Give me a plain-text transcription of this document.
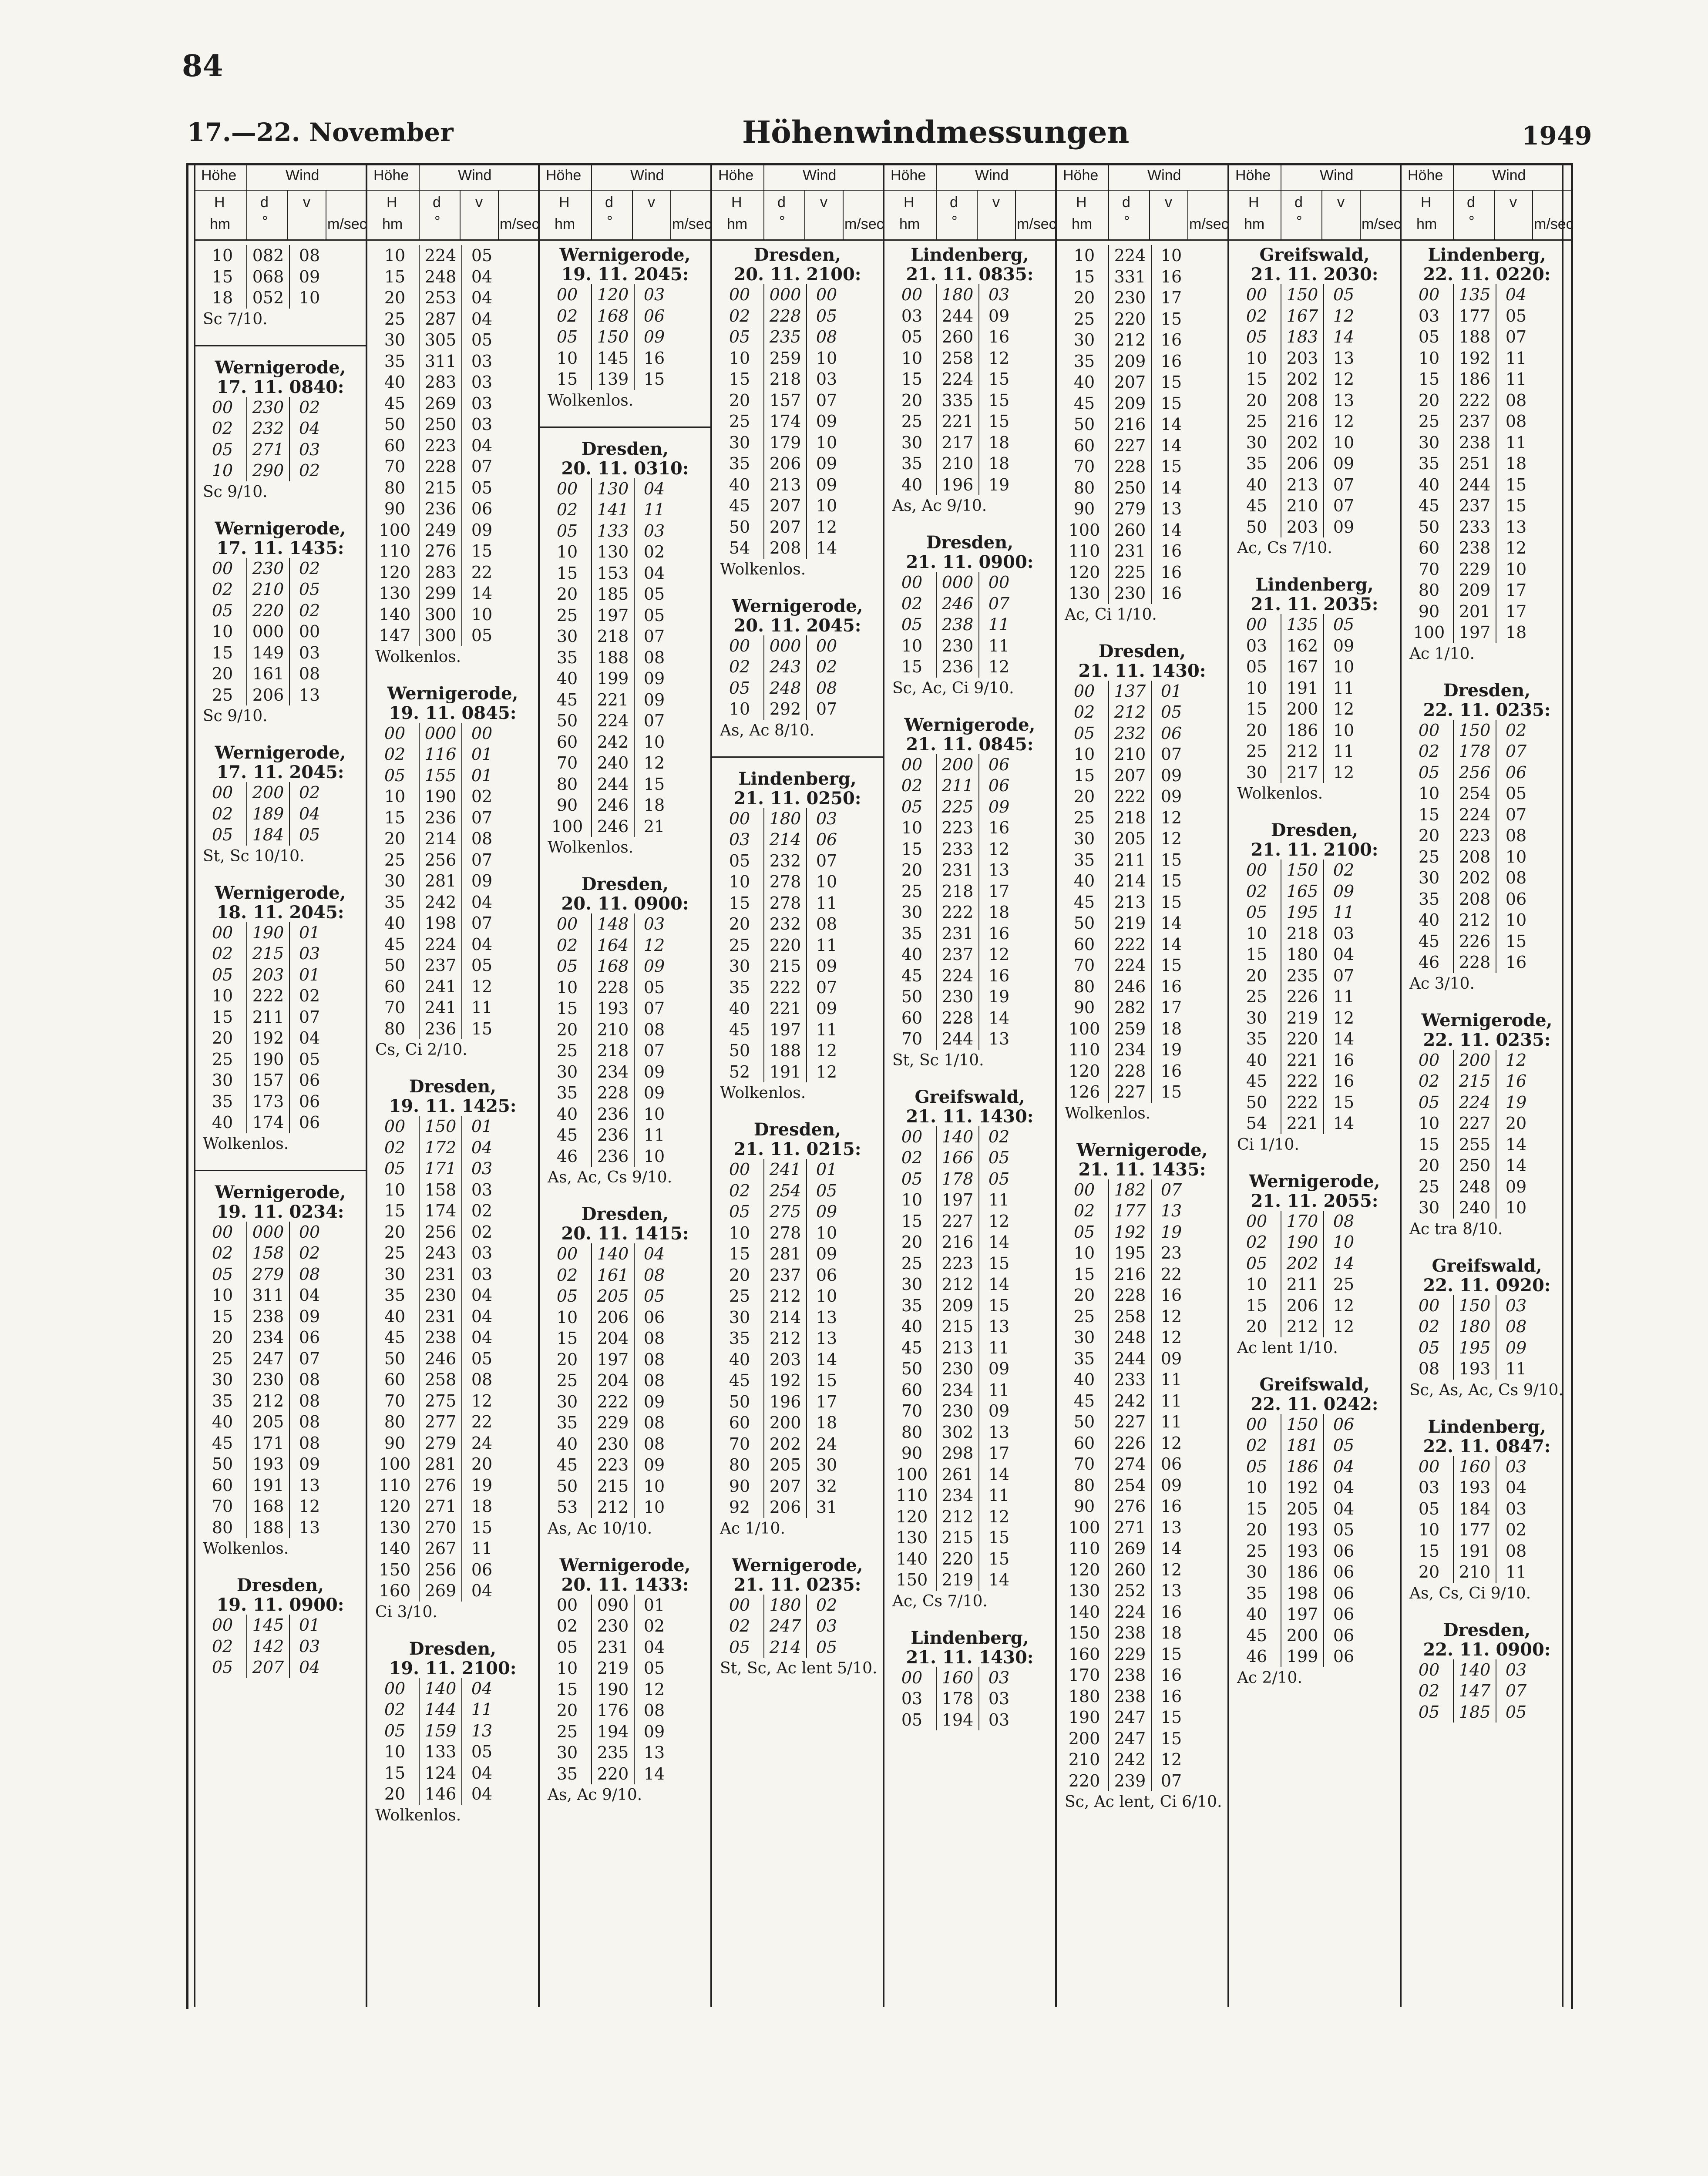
84
17.—22. November	Höhenwindmessungen	1949
Höhe	Wind
H d v
hm °	m/sec
10	082 08
15	068 09
18	052 10
Sc 7/10.
Wernigerode,
17. 11. 0840:
00	230 02
02	232 04
05	271 03
10	290 02
Sc 9/10.
Wernigerode,
17. 11. 1435:
00	230 02
02	210 05
05	220 02
10	000 00
15	149 03
20	161 08
25	206 13
Sc 9/10.
Wernigerode,
17. 11. 2045:
00	200 02
02	189 04
05	184 05
St, Sc 10/10.
Wernigerode,
18. 11. 2045:
00	190 01
02	215 03
05	203 01
10	222 02
15	211 07
20	192 04
25	190 05
30	157 06
35	173 06
40	174 06
Wolkenlos.
Wernigerode,
19. 11. 0234:
00	000 00
02	158 02
05	279 08
10	311 04
15	238 09
20	234 06
25	247 07
30	230 08
35	212 08
40	205 08
45	171 08
50	193 09
60	191 13
70	168 12
80	188 13
Wolkenlos.
Dresden,
19. 11. 0900:
00	145 01
02	142 03
05	207 04
Höhe	Wind
H d v
hm °	m/sec
10	224 05
15	248 04
20	253 04
25	287 04
30	305 05
35	311 03
40	283 03
45	269 03
50	250 03
60	223 04
70	228 07
80	215 05
90	236 06
100 249 09
110 276 15
120 283 22
130 299 14
140 300 10
147 300 05
Wolkenlos.
Wernigerode,
19. 11. 0845:
00	000 00
02	116 01
05	155 01
10	190 02
15	236 07
20	214 08
25	256 07
30	281 09
35	242 04
40	198 07
45	224 04
50	237 05
60	241 12
70	241 11
80	236 15
Cs, Ci 2/10.
Dresden,
19. 11. 1425:
00	150 01
02	172 04
05	171 03
10	158 03
15	174 02
20	256 02
25	243 03
30	231 03
35	230 04
40	231 04
45	238 04
50	246 05
60	258 08
70	275 12
80	277 22
90	279 24
100 281 20
110 276 19
120 271 18
130 270 15
140 267 11
150 256 06
160 269 04
Ci 3/10.
Dresden,
19. 11. 2100:
00	140 04
02	144 11
05	159 13
10	133 05
15	124 04
20	146 04
Wolkenlos.
Höhe	Wind
H d v
hm °	m/sec
Wernigerode,
19. 11. 2045:
00	120 03
02	168 06
05	150 09
10	145 16
15	139 15
Wolkenlos.
Dresden,
20. 11. 0310:
00	130 04
02	141 11
05	133 03
10	130 02
15	153 04
20	185 05
25	197 05
30	218 07
35	188 08
40	199 09
45	221 09
50	224 07
60	242 10
70	240 12
80	244 15
90	246 18
100 246 21
Wolkenlos.
Dresden,
20. 11. 0900:
00	148 03
02	164 12
05	168 09
10	228 05
15	193 07
20	210 08
25	218 07
30	234 09
35	228 09
40	236 10
45	236 11
46	236 10
As, Ac, Cs 9/10.
Dresden,
20. 11. 1415:
00	140 04
02	161 08
05	205 05
10	206 06
15	204 08
20	197 08
25	204 08
30	222 09
35	229 08
40	230 08
45	223 09
50	215 10
53	212 10
As, Ac 10/10.
Wernigerode,
20. 11. 1433:
00	090 01
02	230 02
05	231 04
10	219 05
15	190 12
20	176 08
25	194 09
30	235 13
35	220 14
As, Ac 9/10.
Höhe	Wind
H d v
hm °	m/sec
Dresden,
20. 11. 2100:
00	000 00
02	228 05
05	235 08
10	259 10
15	218 03
20	157 07
25	174 09
30	179 10
35	206 09
40	213 09
45	207 10
50	207 12
54	208 14
Wolkenlos.
Wernigerode,
20. 11. 2045:
00	000 00
02	243 02
05	248 08
10	292 07
As, Ac 8/10.
Lindenberg,
21. 11. 0250:
00	180 03
03	214 06
05	232 07
10	278 10
15	278 11
20	232 08
25	220 11
30	215 09
35	222 07
40	221 09
45	197 11
50	188 12
52	191 12
Wolkenlos.
Dresden,
21. 11. 0215:
00	241 01
02	254 05
05	275 09
10	278 10
15	281 09
20	237 06
25	212 10
30	214 13
35	212 13
40	203 14
45	192 15
50	196 17
60	200 18
70	202 24
80	205 30
90	207 32
92	206 31
Ac 1/10.
Wernigerode,
21. 11. 0235:
00	180 02
02	247 03
05	214 05
St, Sc, Ac lent 5/10.
Höhe	Wind
H d v
hm °	m/sec
Lindenberg,
21. 11. 0835:
00	180 03
03	244 09
05	260 16
10	258 12
15	224 15
20	335 15
25	221 15
30	217 18
35	210 18
40	196 19
As, Ac 9/10.
Dresden,
21. 11. 0900:
00	000 00
02	246 07
05	238 11
10	230 11
15	236 12
Sc, Ac, Ci 9/10.
Wernigerode,
21. 11. 0845:
00	200 06
02	211 06
05	225 09
10	223 16
15	233 12
20	231 13
25	218 17
30	222 18
35	231 16
40	237 12
45	224 16
50	230 19
60	228 14
70	244 13
St, Sc 1/10.
Greifswald,
21. 11. 1430:
00	140 02
02	166 05
05	178 05
10	197 11
15	227 12
20	216 14
25	223 15
30	212 14
35	209 15
40	215 13
45	213 11
50	230 09
60	234 11
70	230 09
80	302 13
90	298 17
100 261 14
110 234 11
120 212 12
130 215 15
140 220 15
150 219 14
Ac, Cs 7/10.
Lindenberg,
21. 11. 1430:
00	160 03
03	178 03
05	194 03
Höhe	Wind
H d v
hm °	m/sec
10	224 10
15	331 16
20	230 17
25	220 15
30	212 16
35	209 16
40	207 15
45	209 15
50	216 14
60	227 14
70	228 15
80	250 14
90	279 13
100 260 14
110 231 16
120 225 16
130 230 16
Ac, Ci 1/10.
Dresden,
21. 11. 1430:
00	137 01
02	212 05
05	232 06
10	210 07
15	207 09
20	222 09
25	218 12
30	205 12
35	211 15
40	214 15
45	213 15
50	219 14
60	222 14
70	224 15
80	246 16
90	282 17
100 259 18
110 234 19
120 228 16
126 227 15
Wolkenlos.
Wernigerode,
21. 11. 1435:
00	182 07
02	177 13
05	192 19
10	195 23
15	216 22
20	228 16
25	258 12
30	248 12
35	244 09
40	233 11
45	242 11
50	227 11
60	226 12
70	274 06
80	254 09
90	276 16
100 271 13
110 269 14
120 260 12
130 252 13
140 224 16
150 238 18
160 229 15
170 238 16
180 238 16
190 247 15
200 247 15
210 242 12
220 239 07
Sc, Ac lent, Ci 6/10.
Höhe	Wind
H d v
hm °	m/sec
Greifswald,
21. 11. 2030:
00	150 05
02	167 12
05	183 14
10	203 13
15	202 12
20	208 13
25	216 12
30	202 10
35	206 09
40	213 07
45	210 07
50	203 09
Ac, Cs 7/10.
Lindenberg,
21. 11. 2035:
00	135 05
03	162 09
05	167 10
10	191 11
15	200 12
20	186 10
25	212 11
30	217 12
Wolkenlos.
Dresden,
21. 11. 2100:
00	150 02
02	165 09
05	195 11
10	218 03
15	180 04
20	235 07
25	226 11
30	219 12
35	220 14
40	221 16
45	222 16
50	222 15
54	221 14
Ci 1/10.
Wernigerode,
21. 11. 2055:
00	170 08
02	190 10
05	202 14
10	211 25
15	206 12
20	212 12
Ac lent 1/10.
Greifswald,
22. 11. 0242:
00	150 06
02	181 05
05	186 04
10	192 04
15	205 04
20	193 05
25	193 06
30	186 06
35	198 06
40	197 06
45	200 06
46	199 06
Ac 2/10.
Höhe	Wind
H d v
hm °	m/sec
Lindenberg,
22. 11. 0220:
00	135 04
03	177 05
05	188 07
10	192 11
15	186 11
20	222 08
25	237 08
30	238 11
35	251 18
40	244 15
45	237 15
50	233 13
60	238 12
70	229 10
80	209 17
90	201 17
100 197 18
Ac 1/10.
Dresden,
22. 11. 0235:
00	150 02
02	178 07
05	256 06
10	254 05
15	224 07
20	223 08
25	208 10
30	202 08
35	208 06
40	212 10
45	226 15
46	228 16
Ac 3/10.
Wernigerode,
22. 11. 0235:
00	200 12
02	215 16
05	224 19
10	227 20
15	255 14
20	250 14
25	248 09
30	240 10
Ac tra 8/10.
Greifswald,
22. 11. 0920:
00	150 03
02	180 08
05	195 09
08	193 11
Sc, As, Ac, Cs 9/10.
Lindenberg,
22. 11. 0847:
00	160 03
03	193 04
05	184 03
10	177 02
15	191 08
20	210 11
As, Cs, Ci 9/10.
Dresden,
22. 11. 0900:
00	140 03
02	147 07
05	185 05
